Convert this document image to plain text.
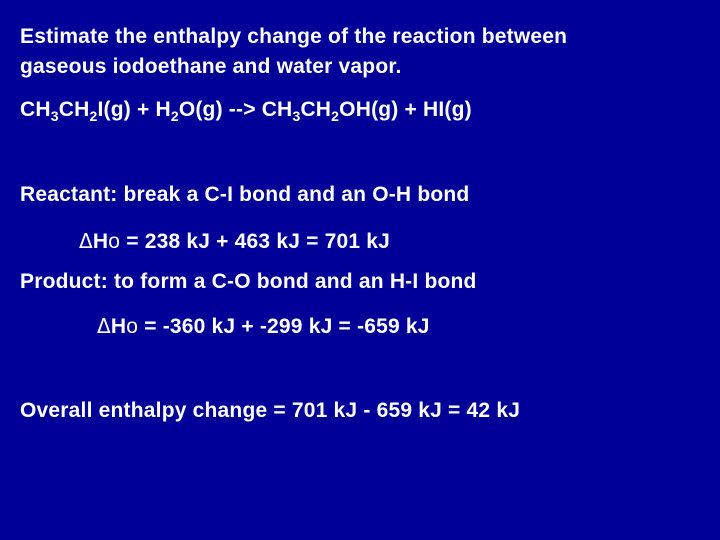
Estimate the enthalpy change of the reaction between
gaseous iodoethane and water vapor.
$CH_3CH_2I(g) + H_2O(g)$ --> $CH_3CH_2OH(g) + HI(g)$
Reactant: break a C-I bond and an O-H bond
ΔHo = 238 kJ + 463 kJ = 701 kJ
Product: to form a C-O bond and an H-I bond
ΔHo = -360 kJ + -299 kJ = -659 kJ
Overall enthalpy change = 701 kJ - 659 kJ = 42 kJ
